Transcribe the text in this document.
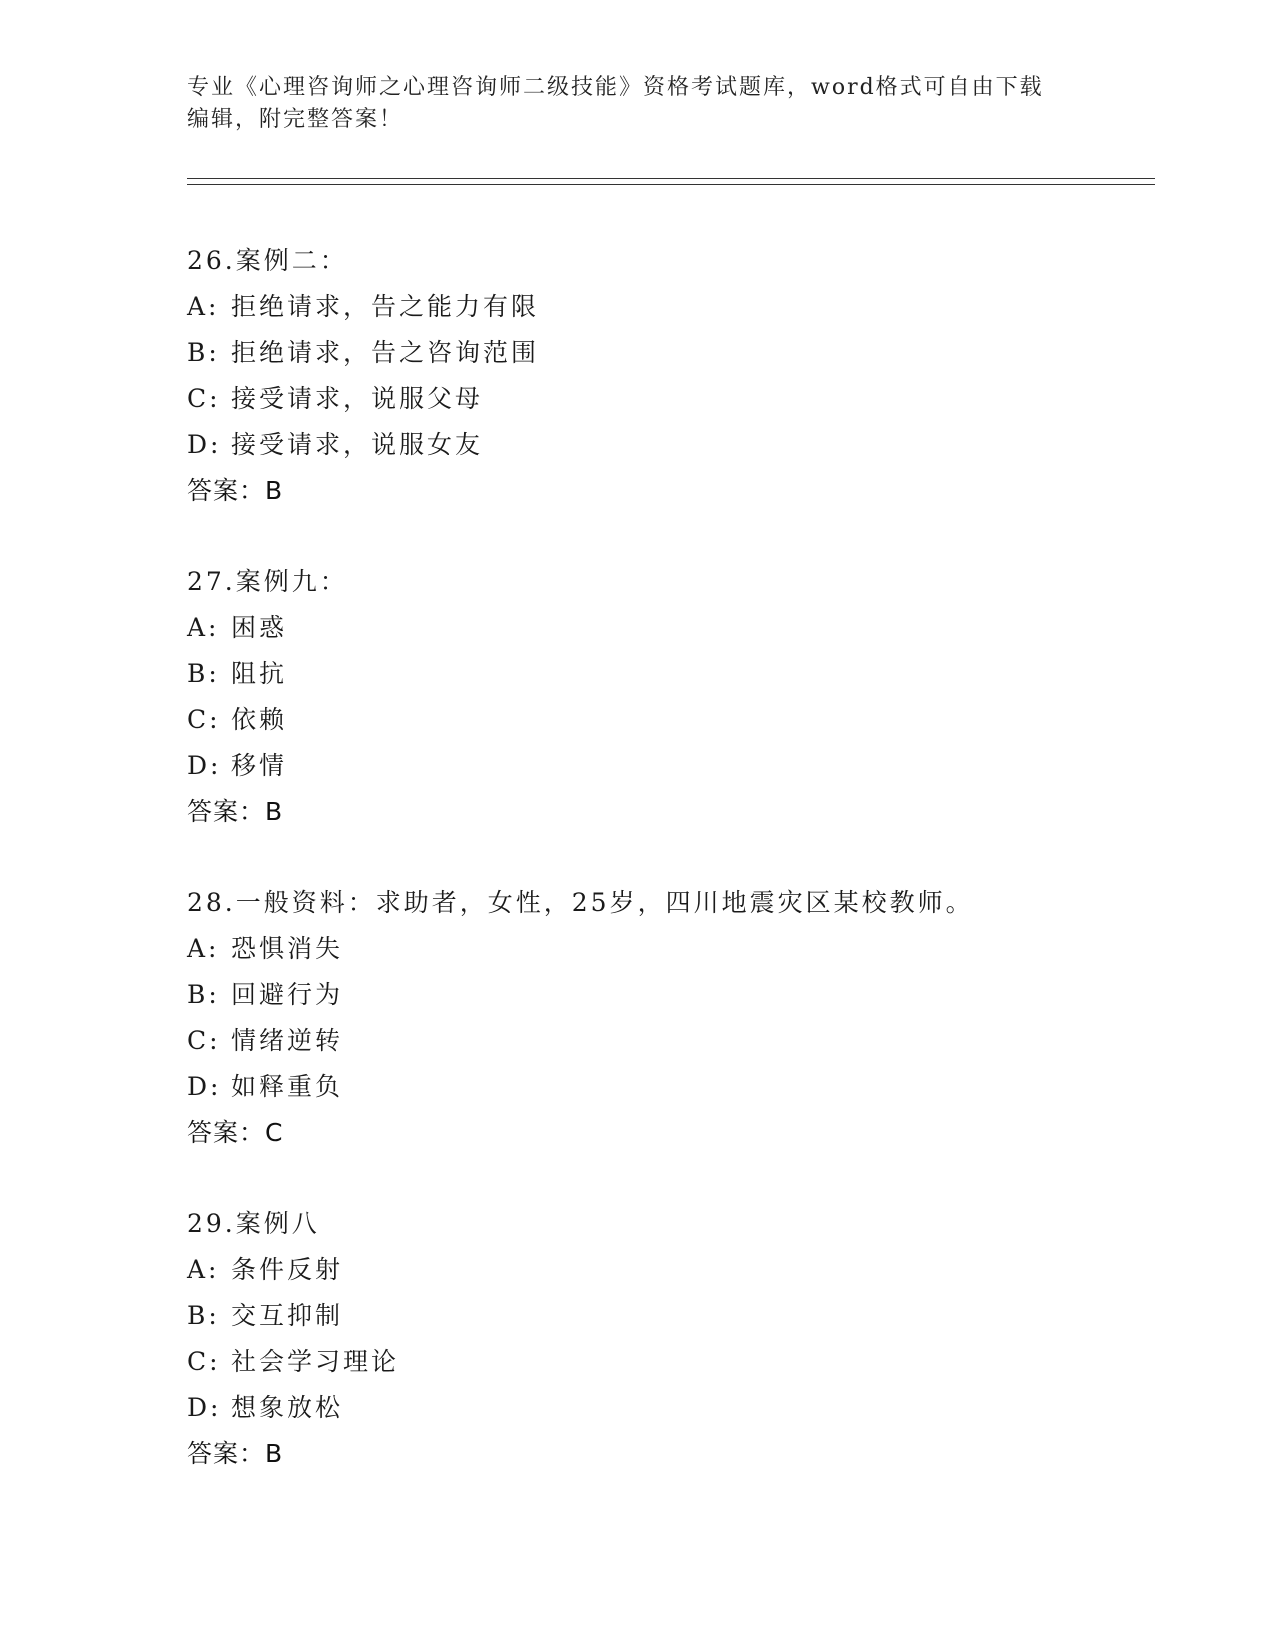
专业《心理咨询师之心理咨询师二级技能》资格考试题库，word格式可自由下载
编辑，附完整答案！
26.案例二：
A: 拒绝请求，告之能力有限
B: 拒绝请求，告之咨询范围
C: 接受请求，说服父母
D: 接受请求，说服女友
答案：B
27.案例九：
A: 困惑
B: 阻抗
C: 依赖
D: 移情
答案：B
28.一般资料：求助者，女性，25岁，四川地震灾区某校教师。
A: 恐惧消失
B: 回避行为
C: 情绪逆转
D: 如释重负
答案：C
29.案例八
A: 条件反射
B: 交互抑制
C: 社会学习理论
D: 想象放松
答案：B
